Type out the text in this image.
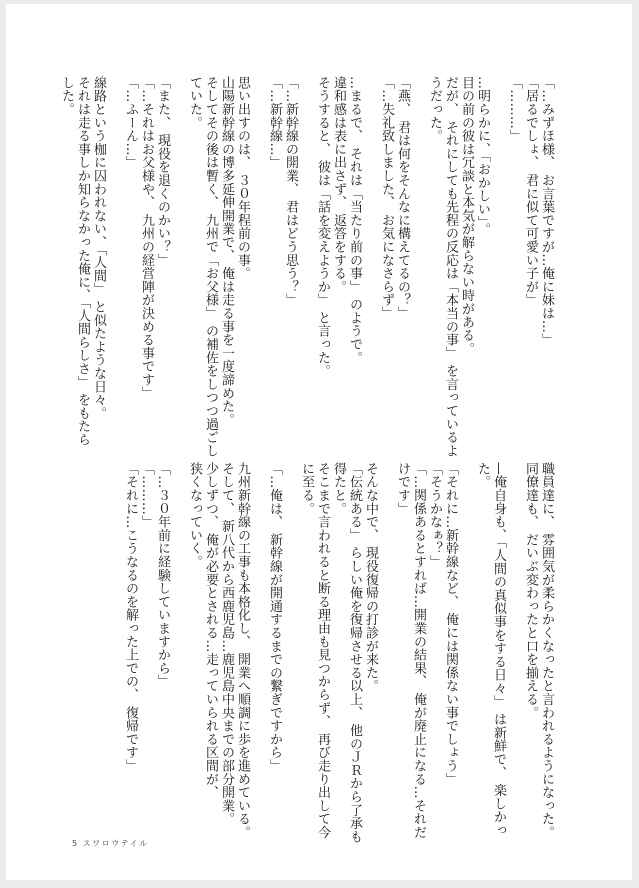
「…みずほ様、 お言葉ですが…俺に妹は…」
「居るでしょ、 君に似て可愛い子が」
「………」

…明らかに、「おかしい」。
目の前の彼は冗談と本気が解らない時がある。
だが、 それにしても先程の反応は「本当の事」 を言っているよ
うだった。

「燕、 君は何をそんなに構えてるの？」
「…失礼致しました、 お気になさらず」

…まるで、 それは「当たり前の事」 のようで。
違和感は表に出さず、 返答をする。
そうすると、 彼は「話を変えようか」 と言った。

「…新幹線の開業、 君はどう思う？」
「…新幹線…」

思い出すのは、 ３０年程前の事。
山陽新幹線の博多延伸開業で、 俺は走る事を一度諦めた。
そしてその後は暫く、 九州で「お父様」 の補佐をしつつ過ごし
ていた。

「また、 現役を退くのかい？」
「…それはお父様や、 九州の経営陣が決める事です」
「…ふーん…」

線路という枷に囚われない、「人間」 と似たような日々。
それは走る事しか知らなかった俺に、「人間らしさ」 をもたら
した。
職員達に、 雰囲気が柔らかくなったと言われるようになった。
同僚達も、 だいぶ変わったと口を揃える。

—俺自身も、「人間の真似事をする日々」 は新鮮で、 楽しかっ
た。

「それに…新幹線など、 俺には関係ない事でしょう」
「そうかなぁ？」
「…関係あるとすれば…開業の結果、 俺が廃止になる…それだ
けです」

そんな中で、 現役復帰の打診が来た。
「伝統ある」 らしい俺を復帰させる以上、 他のＪＲから了承も
得たと。
そこまで言われると断る理由も見つからず、 再び走り出して今
に至る。

「…俺は、 新幹線が開通するまでの繋ぎですから」

九州新幹線の工事も本格化し、 開業へ順調に歩を進めている。
そして、 新八代から西鹿児島…鹿児島中央までの部分開業。
少しずつ、 俺が必要とされる…走っていられる区間が、
狭くなっていく。

「…３０年前に経験していますから」
「………」
「それに…こうなるのを解った上での、 復帰です」
5 スワロウテイル
